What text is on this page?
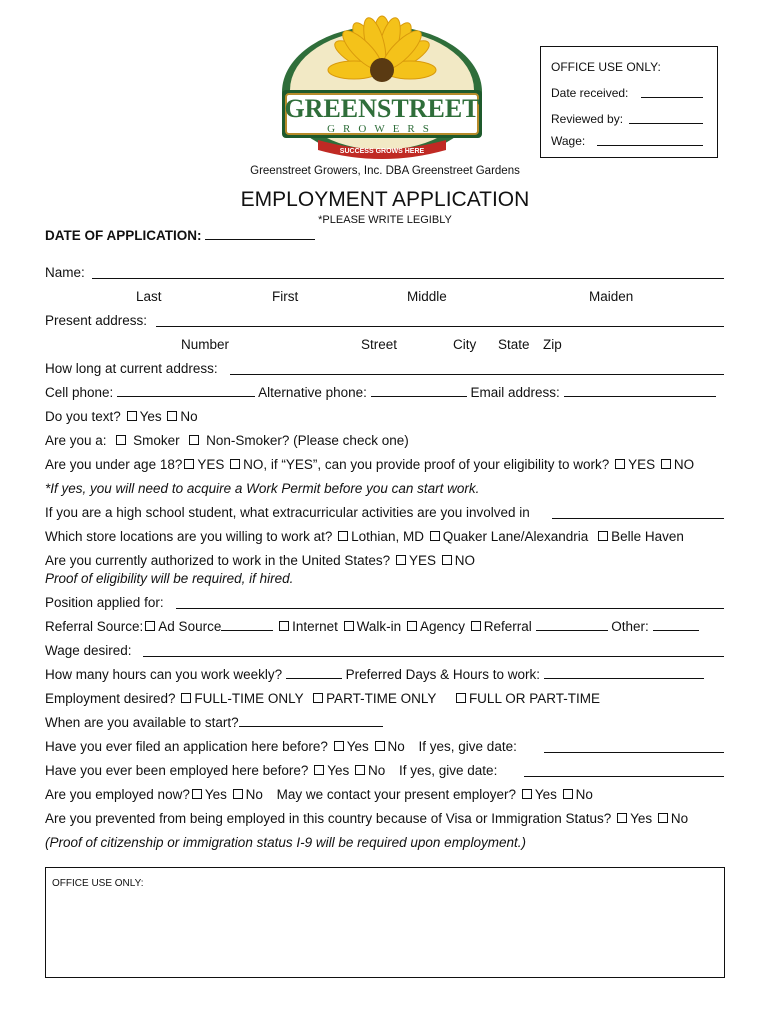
GREENSTREET
GROWERS
SUCCESS GROWS HERE
OFFICE USE ONLY:
Date received:
Reviewed by:
Wage:
Greenstreet Growers, Inc. DBA Greenstreet Gardens
EMPLOYMENT APPLICATION
*PLEASE WRITE LEGIBLY
DATE OF APPLICATION:
Name:
Last	First	Middle	Maiden
Present address:
Number	Street	City State Zip
How long at current address:
Cell phone:	Alternative phone:	Email address:
Do you text? Yes No
Are you a: Smoker Non-Smoker? (Please check one)
Are you under age 18? YES NO, if “YES”, can you provide proof of your eligibility to work? YES NO
*If yes, you will need to acquire a Work Permit before you can start work.
If you are a high school student, what extracurricular activities are you involved in
Which store locations are you willing to work at? Lothian, MD Quaker Lane/Alexandria Belle Haven
Are you currently authorized to work in the United States? YES NO
Proof of eligibility will be required, if hired.
Position applied for:
Referral Source: Ad Source	Internet Walk-in Agency Referral	Other:
Wage desired:
How many hours can you work weekly?	Preferred Days & Hours to work:
Employment desired? FULL-TIME ONLY PART-TIME ONLY FULL OR PART-TIME
When are you available to start?
Have you ever filed an application here before? Yes No If yes, give date:
Have you ever been employed here before? Yes No If yes, give date:
Are you employed now? Yes No May we contact your present employer? Yes No
Are you prevented from being employed in this country because of Visa or Immigration Status? Yes No
(Proof of citizenship or immigration status I-9 will be required upon employment.)
OFFICE USE ONLY:
